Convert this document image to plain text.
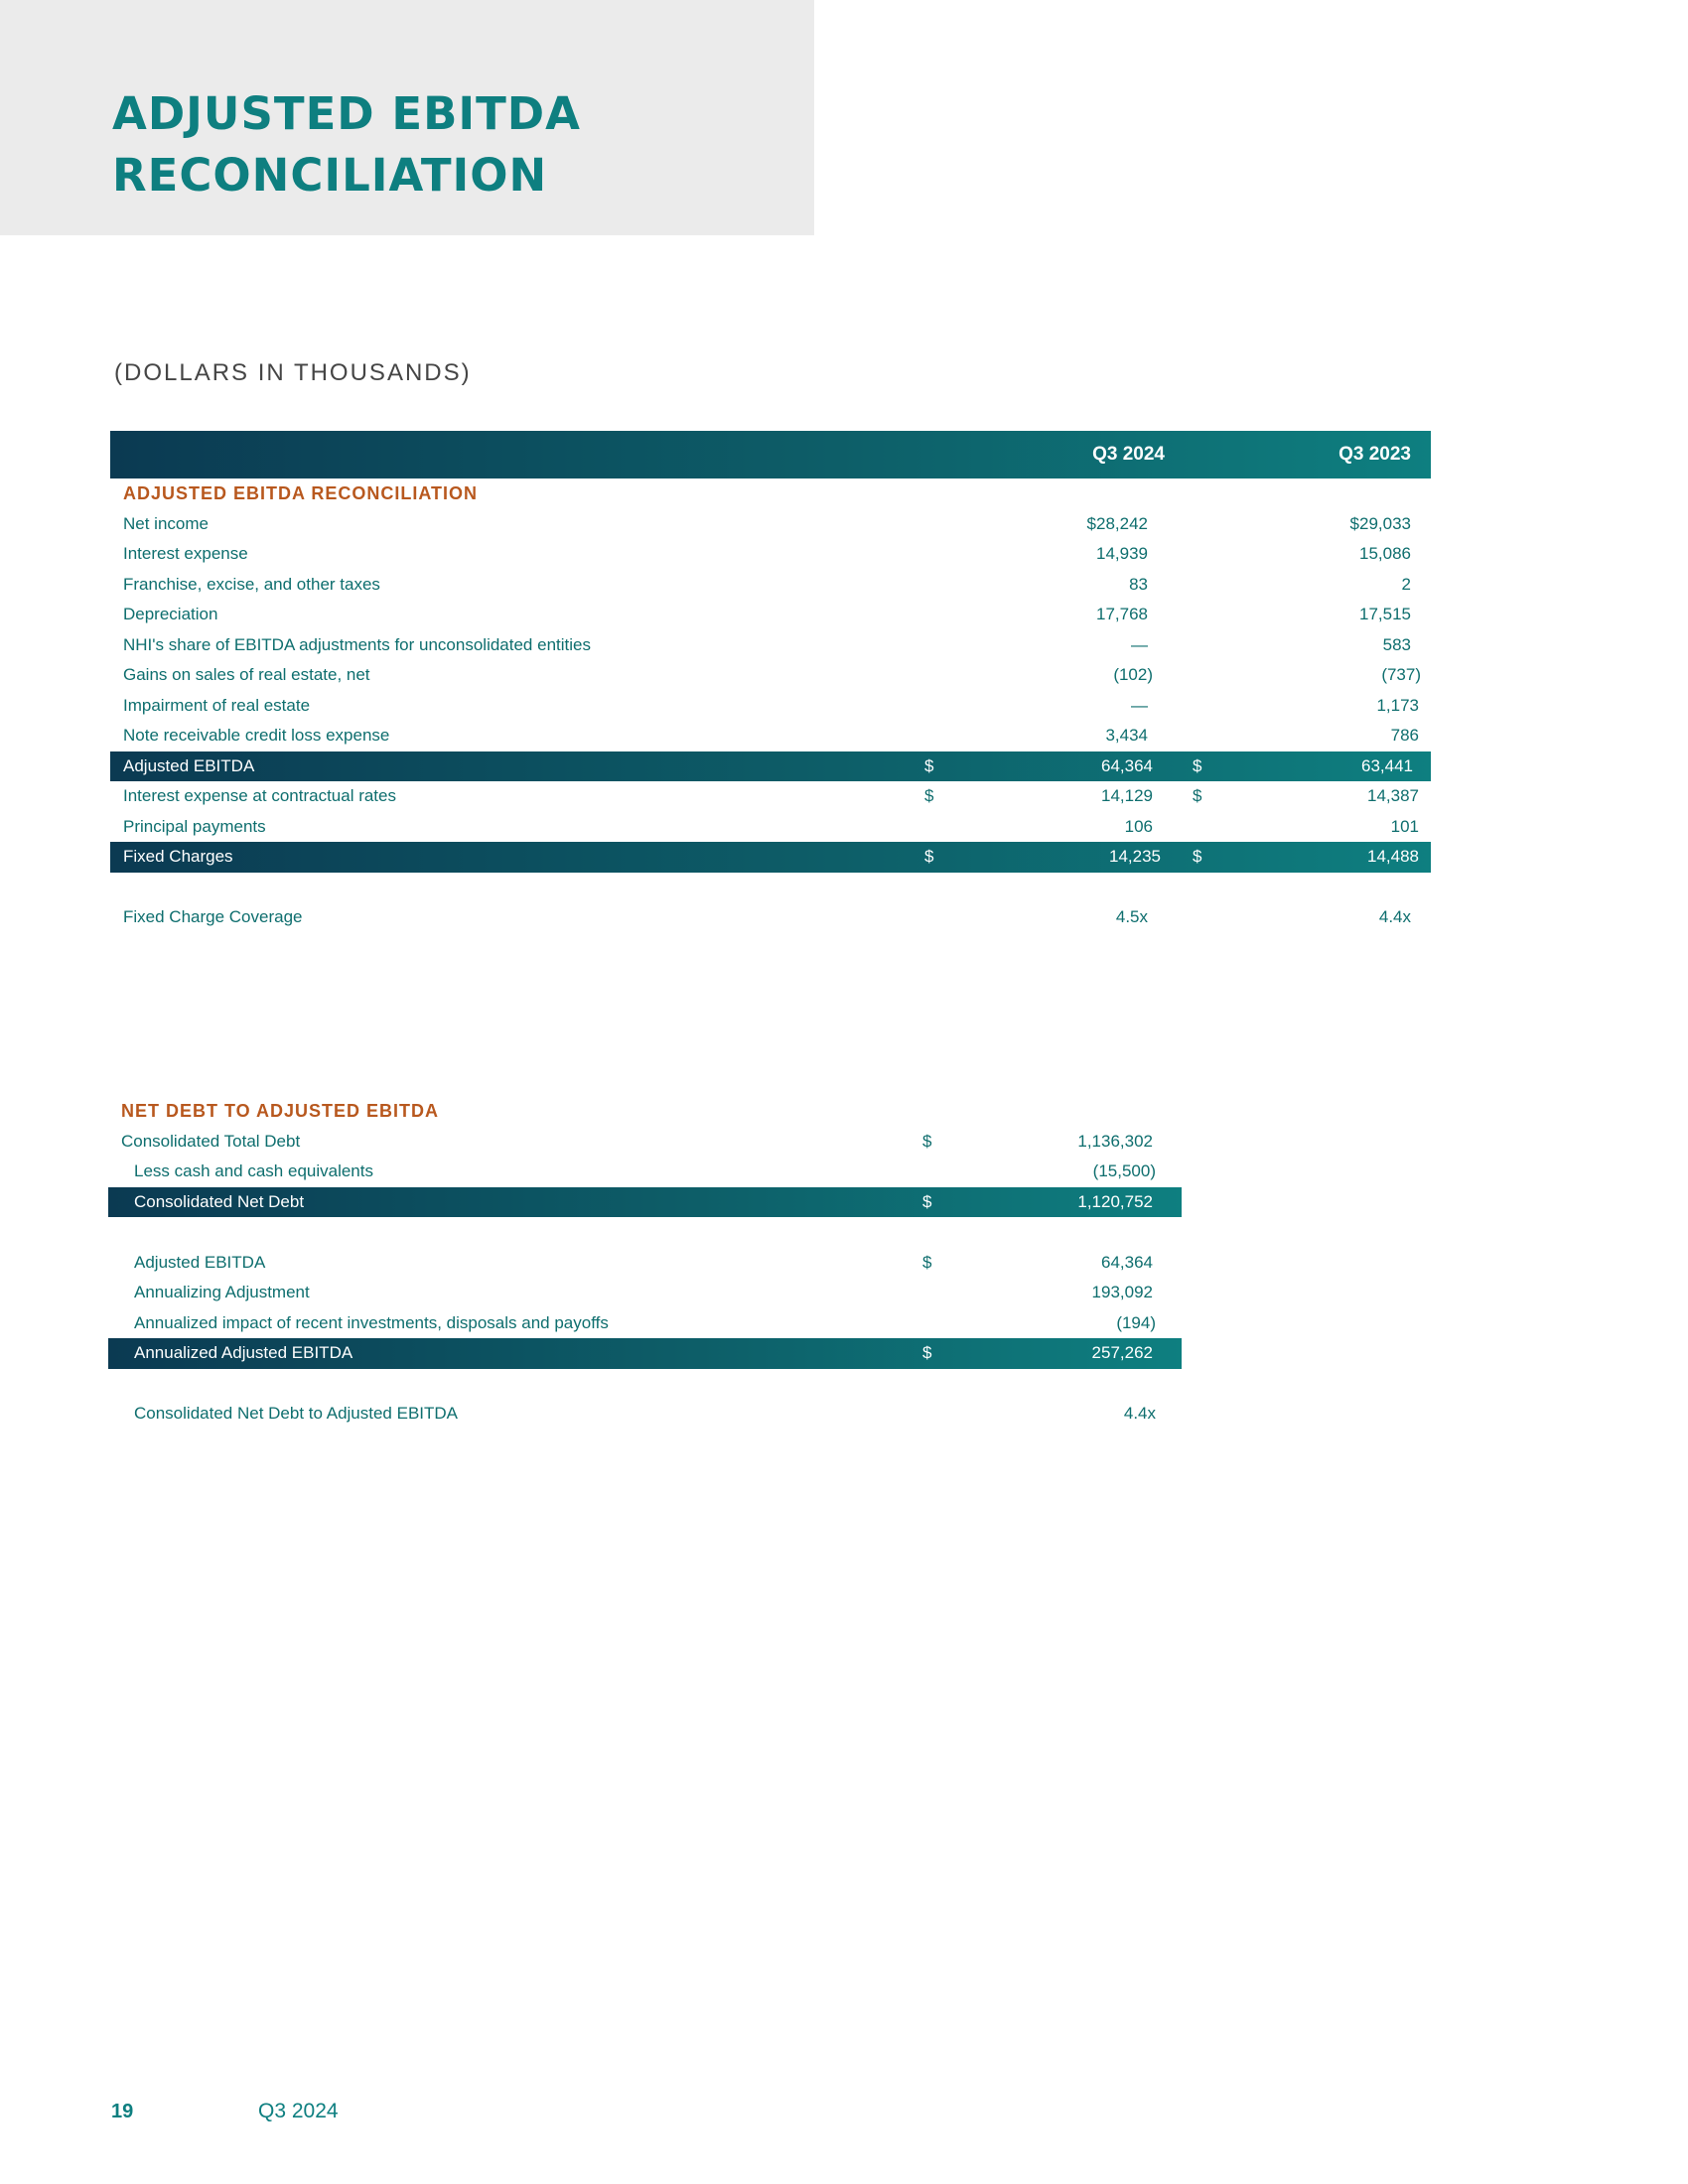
ADJUSTED EBITDA
RECONCILIATION
(DOLLARS IN THOUSANDS)
Q3 2024	Q3 2023
ADJUSTED EBITDA RECONCILIATION
Net income	$28,242	$29,033
Interest expense	14,939	15,086
Franchise, excise, and other taxes	83	2
Depreciation	17,768	17,515
NHI's share of EBITDA adjustments for unconsolidated entities	—	583
Gains on sales of real estate, net	(102)	(737)
Impairment of real estate	—	1,173
Note receivable credit loss expense	3,434	786
Adjusted EBITDA	$	64,364 $	63,441
Interest expense at contractual rates	$	14,129 $	14,387
Principal payments	106	101
Fixed Charges	$	14,235 $	14,488
Fixed Charge Coverage	4.5x	4.4x
NET DEBT TO ADJUSTED EBITDA
Consolidated Total Debt	$	1,136,302
Less cash and cash equivalents	(15,500)
Consolidated Net Debt	$	1,120,752
Adjusted EBITDA	$	64,364
Annualizing Adjustment	193,092
Annualized impact of recent investments, disposals and payoffs	(194)
Annualized Adjusted EBITDA	$	257,262
Consolidated Net Debt to Adjusted EBITDA	4.4x
19	Q3 2024
